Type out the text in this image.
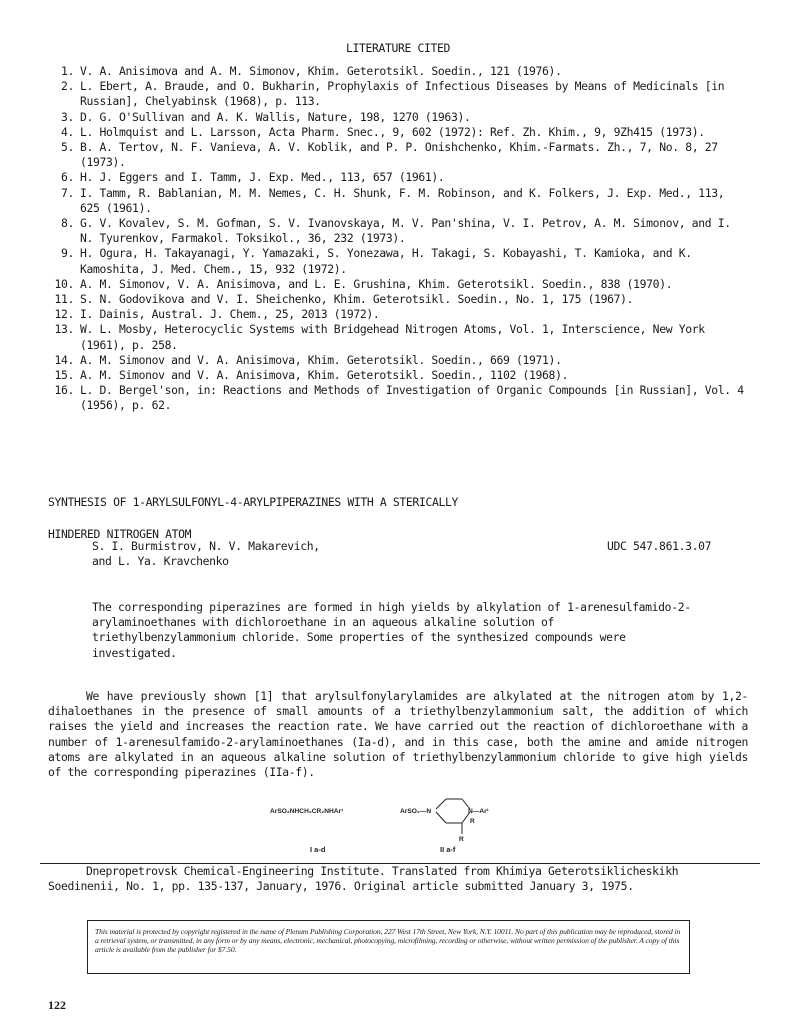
LITERATURE CITED
1. V. A. Anisimova and A. M. Simonov, Khim. Geterotsikl. Soedin., 121 (1976).
2. L. Ebert, A. Braude, and O. Bukharin, Prophylaxis of Infectious Diseases by Means of Medicinals [in Russian], Chelyabinsk (1968), p. 113.
3. D. G. O'Sullivan and A. K. Wallis, Nature, 198, 1270 (1963).
4. L. Holmquist and L. Larsson, Acta Pharm. Snec., 9, 602 (1972): Ref. Zh. Khim., 9, 9Zh415 (1973).
5. B. A. Tertov, N. F. Vanieva, A. V. Koblik, and P. P. Onishchenko, Khim.-Farmats. Zh., 7, No. 8, 27 (1973).
6. H. J. Eggers and I. Tamm, J. Exp. Med., 113, 657 (1961).
7. I. Tamm, R. Bablanian, M. M. Nemes, C. H. Shunk, F. M. Robinson, and K. Folkers, J. Exp. Med., 113, 625 (1961).
8. G. V. Kovalev, S. M. Gofman, S. V. Ivanovskaya, M. V. Pan'shina, V. I. Petrov, A. M. Simonov, and I. N. Tyurenkov, Farmakol. Toksikol., 36, 232 (1973).
9. H. Ogura, H. Takayanagi, Y. Yamazaki, S. Yonezawa, H. Takagi, S. Kobayashi, T. Kamioka, and K. Kamoshita, J. Med. Chem., 15, 932 (1972).
10. A. M. Simonov, V. A. Anisimova, and L. E. Grushina, Khim. Geterotsikl. Soedin., 838 (1970).
11. S. N. Godovikova and V. I. Sheichenko, Khim. Geterotsikl. Soedin., No. 1, 175 (1967).
12. I. Dainis, Austral. J. Chem., 25, 2013 (1972).
13. W. L. Mosby, Heterocyclic Systems with Bridgehead Nitrogen Atoms, Vol. 1, Interscience, New York (1961), p. 258.
14. A. M. Simonov and V. A. Anisimova, Khim. Geterotsikl. Soedin., 669 (1971).
15. A. M. Simonov and V. A. Anisimova, Khim. Geterotsikl. Soedin., 1102 (1968).
16. L. D. Bergel'son, in: Reactions and Methods of Investigation of Organic Compounds [in Russian], Vol. 4 (1956), p. 62.
SYNTHESIS OF 1-ARYLSULFONYL-4-ARYLPIPERAZINES WITH A STERICALLY
HINDERED NITROGEN ATOM
S. I. Burmistrov, N. V. Makarevich,
and L. Ya. Kravchenko
UDC 547.861.3.07
The corresponding piperazines are formed in high yields by alkylation of 1-arenesulfamido-2-arylaminoethanes with dichloroethane in an aqueous alkaline solution of triethylbenzylammonium chloride. Some properties of the synthesized compounds were investigated.

We have previously shown [1] that arylsulfonylarylamides are alkylated at the nitrogen atom by 1,2-dihaloethanes in the presence of small amounts of a triethylbenzylammonium salt, the addition of which raises the yield and increases the reaction rate. We have carried out the reaction of dichloroethane with a number of 1-arenesulfamido-2-arylaminoethanes (Ia-d), and in this case, both the amine and amide nitrogen atoms are alkylated in an aqueous alkaline solution of triethylbenzylammonium chloride to give high yields of the corresponding piperazines (IIa-f).

ArSO₂NHCH₂CR₂NHAr¹
I a-d
ArSO₂—N	N—Ar¹
R
R
II a-f

Dnepropetrovsk Chemical-Engineering Institute. Translated from Khimiya Geterotsiklicheskikh Soedinenii, No. 1, pp. 135-137, January, 1976. Original article submitted January 3, 1975.

This material is protected by copyright registered in the name of Plenum Publishing Corporation, 227 West 17th Street, New York, N.Y. 10011. No part of this publication may be reproduced, stored in a retrieval system, or transmitted, in any form or by any means, electronic, mechanical, photocopying, microfilming, recording or otherwise, without written permission of the publisher. A copy of this article is available from the publisher for $7.50.
122
